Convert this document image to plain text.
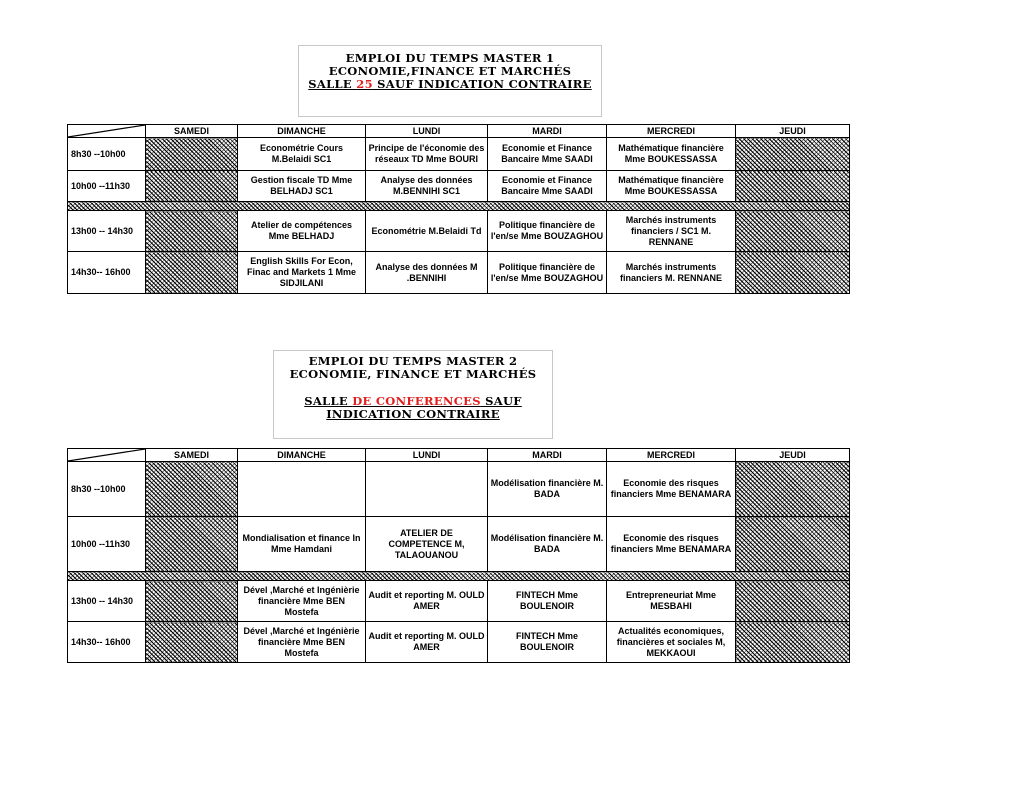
EMPLOI DU TEMPS MASTER 1
ECONOMIE,FINANCE ET MARCHÉS
SALLE 25 SAUF INDICATION CONTRAIRE
	SAMEDI	DIMANCHE	LUNDI	MARDI	MERCREDI	JEUDI
8h30 --10h00		Econométrie Cours M.Belaidi SC1	Principe de l'économie des réseaux TD Mme BOURI	Economie et Finance Bancaire Mme SAADI	Mathématique financière Mme BOUKESSASSA	
10h00 --11h30		Gestion fiscale TD Mme BELHADJ SC1	Analyse des données M.BENNIHI SC1	Economie et Finance Bancaire Mme SAADI	Mathématique financière Mme BOUKESSASSA	

13h00 -- 14h30		Atelier de compétences Mme BELHADJ	Econométrie M.Belaidi Td	Politique financière de l'en/se Mme BOUZAGHOU	Marchés instruments financiers / SC1 M. RENNANE	
14h30-- 16h00		English Skills For Econ, Finac and Markets 1 Mme SIDJILANI	Analyse des données M .BENNIHI	Politique financière de l'en/se Mme BOUZAGHOU	Marchés instruments financiers M. RENNANE	
EMPLOI DU TEMPS MASTER 2
ECONOMIE, FINANCE ET MARCHÉS
SALLE DE CONFERENCES SAUF
INDICATION CONTRAIRE
	SAMEDI	DIMANCHE	LUNDI	MARDI	MERCREDI	JEUDI
8h30 --10h00				Modélisation financière M. BADA	Economie des risques financiers Mme BENAMARA	
10h00 --11h30		Mondialisation et finance In Mme Hamdani	ATELIER DE COMPETENCE M, TALAOUANOU	Modélisation financière M. BADA	Economie des risques financiers Mme BENAMARA	

13h00 -- 14h30		Dével ,Marché et Ingénièrie financière Mme BEN Mostefa	Audit et reporting M. OULD AMER	FINTECH Mme BOULENOIR	Entrepreneuriat Mme MESBAHI	
14h30-- 16h00		Dével ,Marché et Ingénièrie financière Mme BEN Mostefa	Audit et reporting M. OULD AMER	FINTECH Mme BOULENOIR	Actualités economiques, financières et sociales M, MEKKAOUI	
